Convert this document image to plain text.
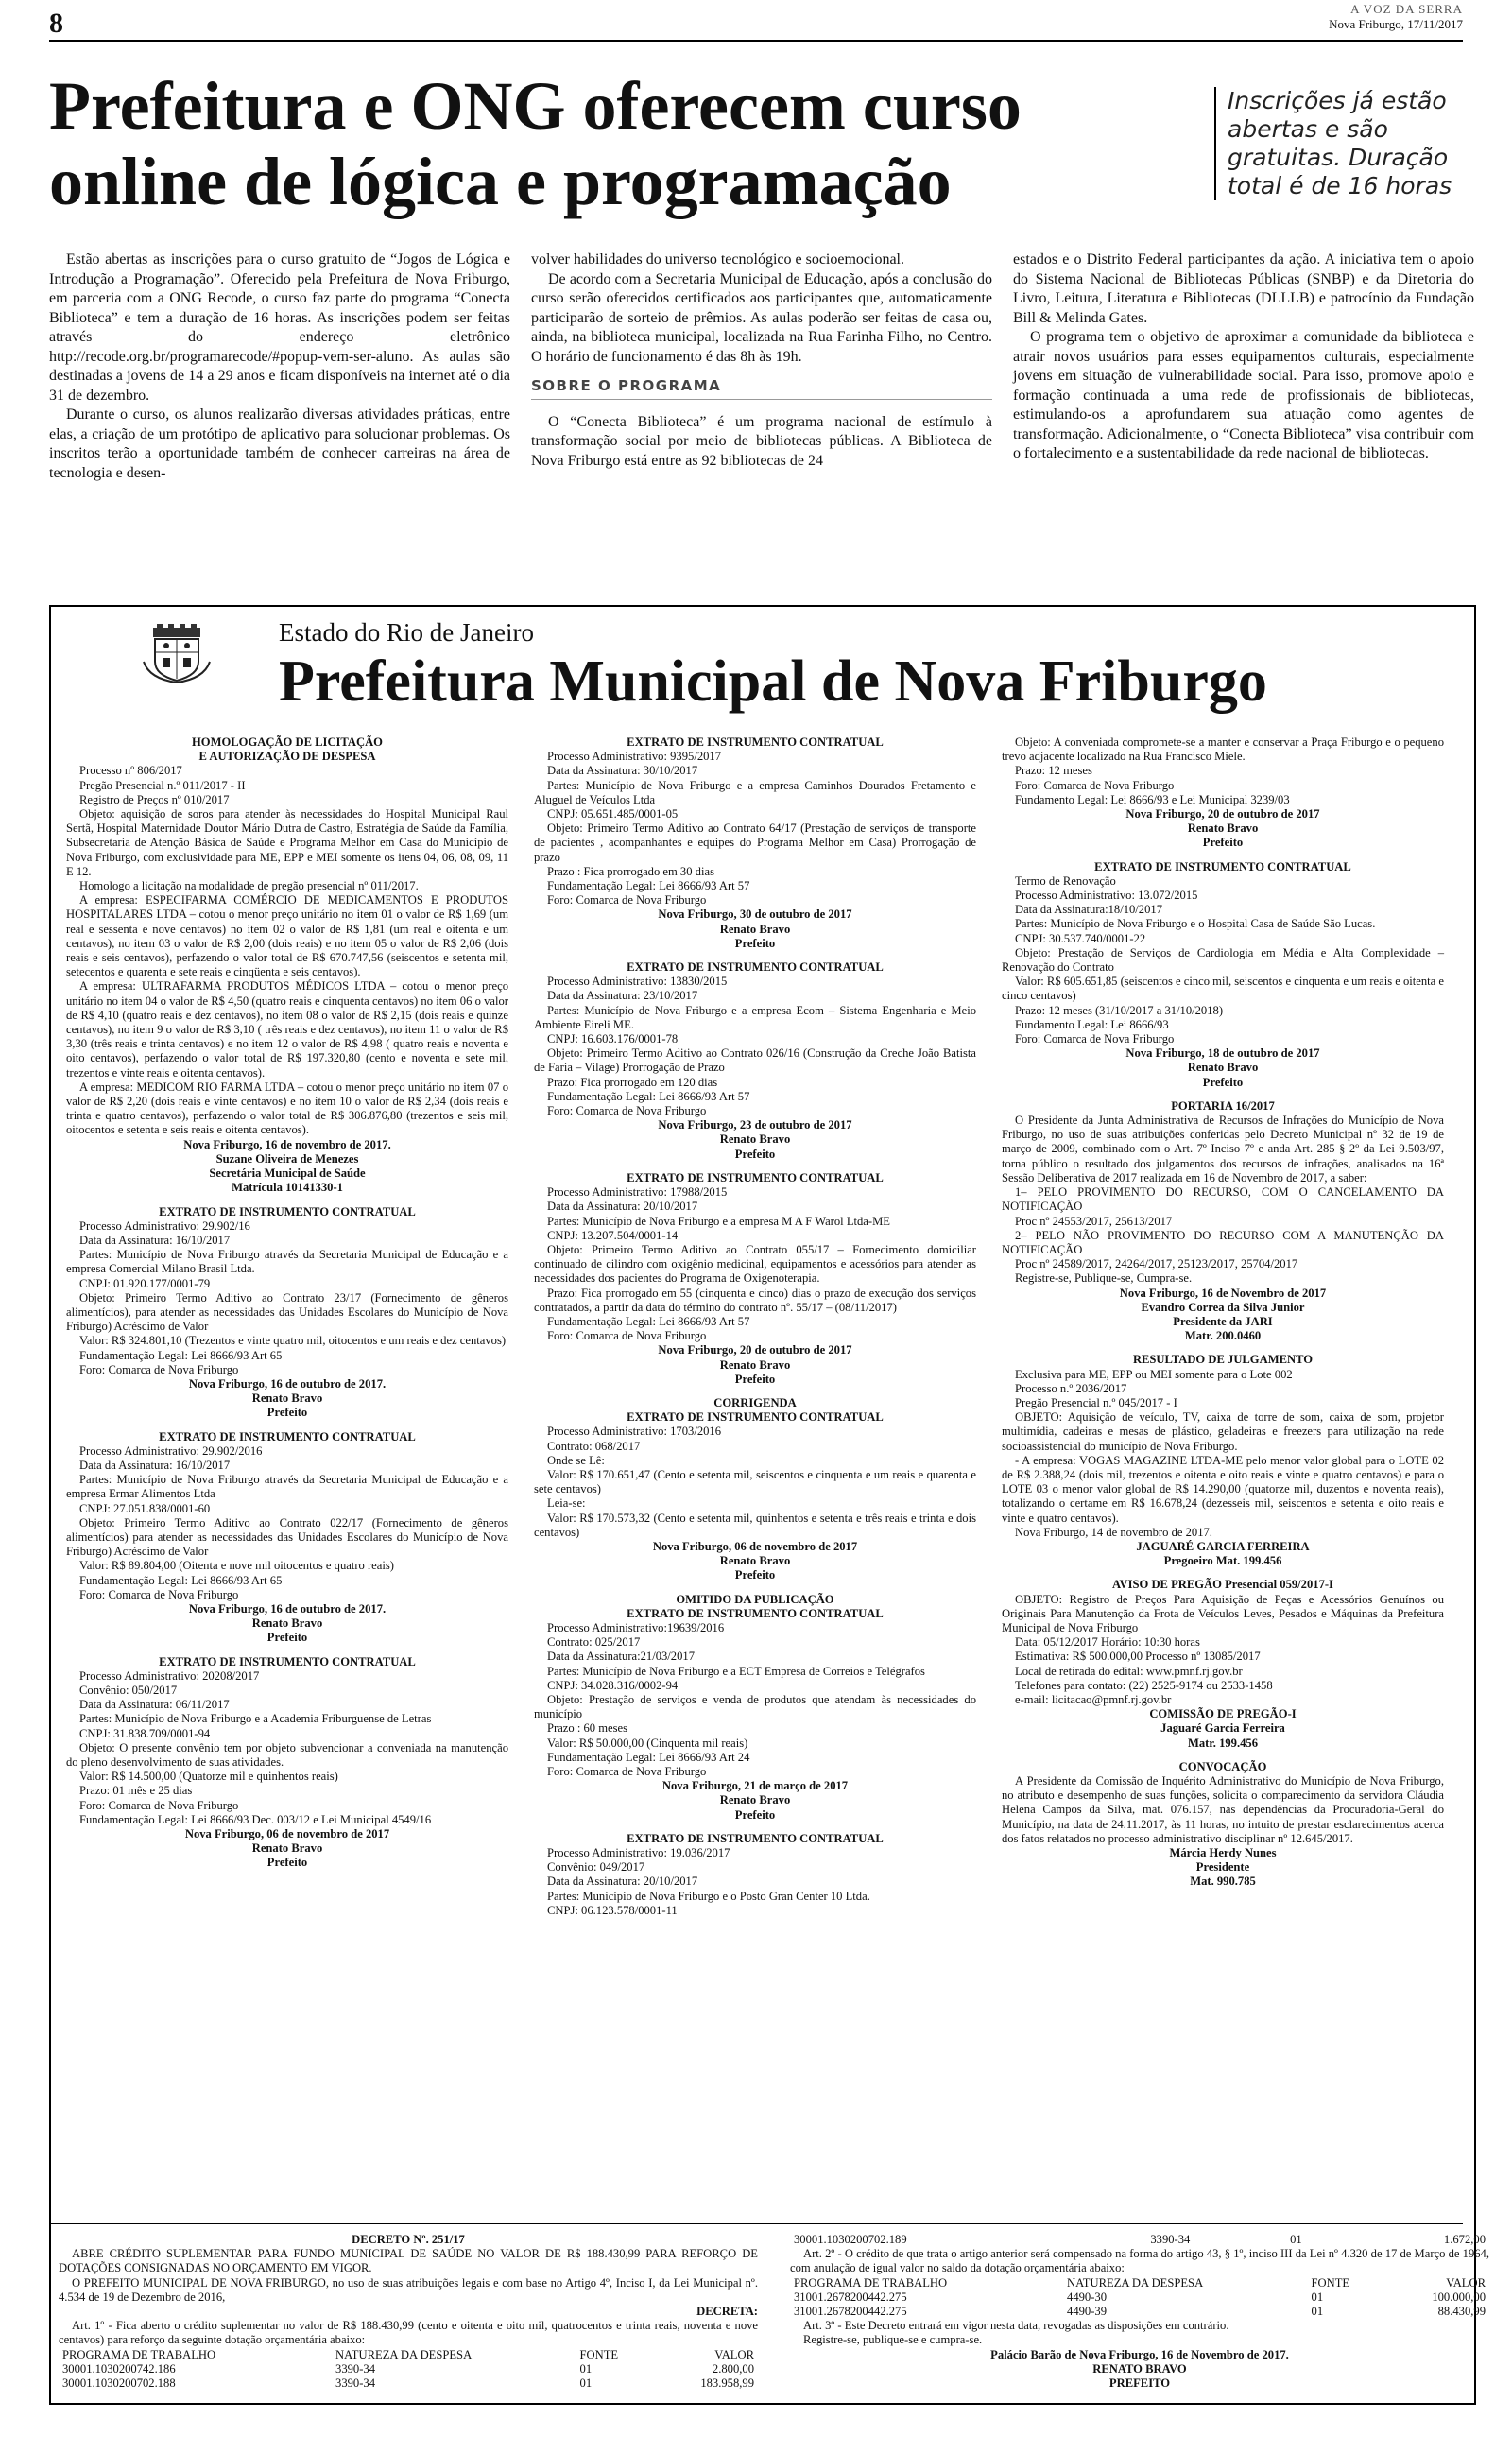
8	A VOZ DA SERRA
Nova Friburgo, 17/11/2017
Prefeitura e ONG oferecem curso
online de lógica e programação
Inscrições já estão abertas e são gratuitas. Duração total é de 16 horas

Estão abertas as inscrições para o curso gratuito de “Jogos de Lógica e Introdução a Programação”. Oferecido pela Prefeitura de Nova Friburgo, em parceria com a ONG Recode, o curso faz parte do programa “Conecta Biblioteca” e tem a duração de 16 horas. As inscrições podem ser feitas através do endereço eletrônico http://recode.org.br/programarecode/#popup-vem-ser-aluno. As aulas são destinadas a jovens de 14 a 29 anos e ficam disponíveis na internet até o dia 31 de dezembro.

Durante o curso, os alunos realizarão diversas atividades práticas, entre elas, a criação de um protótipo de aplicativo para solucionar problemas. Os inscritos terão a oportunidade também de conhecer carreiras na área de tecnologia e desen-

volver habilidades do universo tecnológico e socioemocional.

De acordo com a Secretaria Municipal de Educação, após a conclusão do curso serão oferecidos certificados aos participantes que, automaticamente participarão de sorteio de prêmios. As aulas poderão ser feitas de casa ou, ainda, na biblioteca municipal, localizada na Rua Farinha Filho, no Centro. O horário de funcionamento é das 8h às 19h.

SOBRE O PROGRAMA

O “Conecta Biblioteca” é um programa nacional de estímulo à transformação social por meio de bibliotecas públicas. A Biblioteca de Nova Friburgo está entre as 92 bibliotecas de 24

estados e o Distrito Federal participantes da ação. A iniciativa tem o apoio do Sistema Nacional de Bibliotecas Públicas (SNBP) e da Diretoria do Livro, Leitura, Literatura e Bibliotecas (DLLLB) e patrocínio da Fundação Bill & Melinda Gates.

O programa tem o objetivo de aproximar a comunidade da biblioteca e atrair novos usuários para esses equipamentos culturais, especialmente jovens em situação de vulnerabilidade social. Para isso, promove apoio e formação continuada a uma rede de profissionais de bibliotecas, estimulando-os a aprofundarem sua atuação como agentes de transformação. Adicionalmente, o “Conecta Biblioteca” visa contribuir com o fortalecimento e a sustentabilidade da rede nacional de bibliotecas.

Estado do Rio de Janeiro
Prefeitura Municipal de Nova Friburgo

HOMOLOGAÇÃO DE LICITAÇÃO

E AUTORIZAÇÃO DE DESPESA

Processo nº 806/2017

Pregão Presencial n.º 011/2017 - II

Registro de Preços nº 010/2017

Objeto: aquisição de soros para atender às necessidades do Hospital Municipal Raul Sertã, Hospital Maternidade Doutor Mário Dutra de Castro, Estratégia de Saúde da Família, Subsecretaria de Atenção Básica de Saúde e Programa Melhor em Casa do Município de Nova Friburgo, com exclusividade para ME, EPP e MEI somente os itens 04, 06, 08, 09, 11 E 12.

Homologo a licitação na modalidade de pregão presencial nº 011/2017.

A empresa: ESPECIFARMA COMÉRCIO DE MEDICAMENTOS E PRODUTOS HOSPITALARES LTDA – cotou o menor preço unitário no item 01 o valor de R$ 1,69 (um real e sessenta e nove centavos) no item 02 o valor de R$ 1,81 (um real e oitenta e um centavos), no item 03 o valor de R$ 2,00 (dois reais) e no item 05 o valor de R$ 2,06 (dois reais e seis centavos), perfazendo o valor total de R$ 670.747,56 (seiscentos e setenta mil, setecentos e quarenta e sete reais e cinqüenta e seis centavos).

A empresa: ULTRAFARMA PRODUTOS MÉDICOS LTDA – cotou o menor preço unitário no item 04 o valor de R$ 4,50 (quatro reais e cinquenta centavos) no item 06 o valor de R$ 4,10 (quatro reais e dez centavos), no item 08 o valor de R$ 2,15 (dois reais e quinze centavos), no item 9 o valor de R$ 3,10 ( três reais e dez centavos), no item 11 o valor de R$ 3,30 (três reais e trinta centavos) e no item 12 o valor de R$ 4,98 ( quatro reais e noventa e oito centavos), perfazendo o valor total de R$ 197.320,80 (cento e noventa e sete mil, trezentos e vinte reais e oitenta centavos).

A empresa: MEDICOM RIO FARMA LTDA – cotou o menor preço unitário no item 07 o valor de R$ 2,20 (dois reais e vinte centavos) e no item 10 o valor de R$ 2,34 (dois reais e trinta e quatro centavos), perfazendo o valor total de R$ 306.876,80 (trezentos e seis mil, oitocentos e setenta e seis reais e oitenta centavos).

Nova Friburgo, 16 de novembro de 2017.

Suzane Oliveira de Menezes

Secretária Municipal de Saúde

Matrícula 10141330-1

EXTRATO DE INSTRUMENTO CONTRATUAL

Processo Administrativo: 29.902/16

Data da Assinatura: 16/10/2017

Partes: Município de Nova Friburgo através da Secretaria Municipal de Educação e a empresa Comercial Milano Brasil Ltda.

CNPJ: 01.920.177/0001-79

Objeto: Primeiro Termo Aditivo ao Contrato 23/17 (Fornecimento de gêneros alimentícios), para atender as necessidades das Unidades Escolares do Município de Nova Friburgo) Acréscimo de Valor

Valor: R$ 324.801,10 (Trezentos e vinte quatro mil, oitocentos e um reais e dez centavos)

Fundamentação Legal: Lei 8666/93 Art 65

Foro: Comarca de Nova Friburgo

Nova Friburgo, 16 de outubro de 2017.

Renato Bravo

Prefeito

EXTRATO DE INSTRUMENTO CONTRATUAL

Processo Administrativo: 29.902/2016

Data da Assinatura: 16/10/2017

Partes: Município de Nova Friburgo através da Secretaria Municipal de Educação e a empresa Ermar Alimentos Ltda

CNPJ: 27.051.838/0001-60

Objeto: Primeiro Termo Aditivo ao Contrato 022/17 (Fornecimento de gêneros alimentícios) para atender as necessidades das Unidades Escolares do Município de Nova Friburgo) Acréscimo de Valor

Valor: R$ 89.804,00 (Oitenta e nove mil oitocentos e quatro reais)

Fundamentação Legal: Lei 8666/93 Art 65

Foro: Comarca de Nova Friburgo

Nova Friburgo, 16 de outubro de 2017.

Renato Bravo

Prefeito

EXTRATO DE INSTRUMENTO CONTRATUAL

Processo Administrativo: 20208/2017

Convênio: 050/2017

Data da Assinatura: 06/11/2017

Partes: Município de Nova Friburgo e a Academia Friburguense de Letras

CNPJ: 31.838.709/0001-94

Objeto: O presente convênio tem por objeto subvencionar a conveniada na manutenção do pleno desenvolvimento de suas atividades.

Valor: R$ 14.500,00 (Quatorze mil e quinhentos reais)

Prazo: 01 mês e 25 dias

Foro: Comarca de Nova Friburgo

Fundamentação Legal: Lei 8666/93 Dec. 003/12 e Lei Municipal 4549/16

Nova Friburgo, 06 de novembro de 2017

Renato Bravo

Prefeito

EXTRATO DE INSTRUMENTO CONTRATUAL

Processo Administrativo: 9395/2017

Data da Assinatura: 30/10/2017

Partes: Município de Nova Friburgo e a empresa Caminhos Dourados Fretamento e Aluguel de Veículos Ltda

CNPJ: 05.651.485/0001-05

Objeto: Primeiro Termo Aditivo ao Contrato 64/17 (Prestação de serviços de transporte de pacientes , acompanhantes e equipes do Programa Melhor em Casa) Prorrogação de prazo

Prazo : Fica prorrogado em 30 dias

Fundamentação Legal: Lei 8666/93 Art 57

Foro: Comarca de Nova Friburgo

Nova Friburgo, 30 de outubro de 2017

Renato Bravo

Prefeito

EXTRATO DE INSTRUMENTO CONTRATUAL

Processo Administrativo: 13830/2015

Data da Assinatura: 23/10/2017

Partes: Município de Nova Friburgo e a empresa Ecom – Sistema Engenharia e Meio Ambiente Eireli ME.

CNPJ: 16.603.176/0001-78

Objeto: Primeiro Termo Aditivo ao Contrato 026/16 (Construção da Creche João Batista de Faria – Vilage) Prorrogação de Prazo

Prazo: Fica prorrogado em 120 dias

Fundamentação Legal: Lei 8666/93 Art 57

Foro: Comarca de Nova Friburgo

Nova Friburgo, 23 de outubro de 2017

Renato Bravo

Prefeito

EXTRATO DE INSTRUMENTO CONTRATUAL

Processo Administrativo: 17988/2015

Data da Assinatura: 20/10/2017

Partes: Município de Nova Friburgo e a empresa M A F Warol Ltda-ME

CNPJ: 13.207.504/0001-14

Objeto: Primeiro Termo Aditivo ao Contrato 055/17 – Fornecimento domiciliar continuado de cilindro com oxigênio medicinal, equipamentos e acessórios para atender as necessidades dos pacientes do Programa de Oxigenoterapia.

Prazo: Fica prorrogado em 55 (cinquenta e cinco) dias o prazo de execução dos serviços contratados, a partir da data do término do contrato nº. 55/17 – (08/11/2017)

Fundamentação Legal: Lei 8666/93 Art 57

Foro: Comarca de Nova Friburgo

Nova Friburgo, 20 de outubro de 2017

Renato Bravo

Prefeito

CORRIGENDA

EXTRATO DE INSTRUMENTO CONTRATUAL

Processo Administrativo: 1703/2016

Contrato: 068/2017

Onde se Lê:

Valor: R$ 170.651,47 (Cento e setenta mil, seiscentos e cinquenta e um reais e quarenta e sete centavos)

Leia-se:

Valor: R$ 170.573,32 (Cento e setenta mil, quinhentos e setenta e três reais e trinta e dois centavos)

Nova Friburgo, 06 de novembro de 2017

Renato Bravo

Prefeito

OMITIDO DA PUBLICAÇÃO

EXTRATO DE INSTRUMENTO CONTRATUAL

Processo Administrativo:19639/2016

Contrato: 025/2017

Data da Assinatura:21/03/2017

Partes: Município de Nova Friburgo e a ECT Empresa de Correios e Telégrafos

CNPJ: 34.028.316/0002-94

Objeto: Prestação de serviços e venda de produtos que atendam às necessidades do município

Prazo : 60 meses

Valor: R$ 50.000,00 (Cinquenta mil reais)

Fundamentação Legal: Lei 8666/93 Art 24

Foro: Comarca de Nova Friburgo

Nova Friburgo, 21 de março de 2017

Renato Bravo

Prefeito

EXTRATO DE INSTRUMENTO CONTRATUAL

Processo Administrativo: 19.036/2017

Convênio: 049/2017

Data da Assinatura: 20/10/2017

Partes: Município de Nova Friburgo e o Posto Gran Center 10 Ltda.

CNPJ: 06.123.578/0001-11

Objeto: A conveniada compromete-se a manter e conservar a Praça Friburgo e o pequeno trevo adjacente localizado na Rua Francisco Miele.

Prazo: 12 meses

Foro: Comarca de Nova Friburgo

Fundamento Legal: Lei 8666/93 e Lei Municipal 3239/03

Nova Friburgo, 20 de outubro de 2017

Renato Bravo

Prefeito

EXTRATO DE INSTRUMENTO CONTRATUAL

Termo de Renovação

Processo Administrativo: 13.072/2015

Data da Assinatura:18/10/2017

Partes: Município de Nova Friburgo e o Hospital Casa de Saúde São Lucas.

CNPJ: 30.537.740/0001-22

Objeto: Prestação de Serviços de Cardiologia em Média e Alta Complexidade – Renovação do Contrato

Valor: R$ 605.651,85 (seiscentos e cinco mil, seiscentos e cinquenta e um reais e oitenta e cinco centavos)

Prazo: 12 meses (31/10/2017 a 31/10/2018)

Fundamento Legal: Lei 8666/93

Foro: Comarca de Nova Friburgo

Nova Friburgo, 18 de outubro de 2017

Renato Bravo

Prefeito

PORTARIA 16/2017

O Presidente da Junta Administrativa de Recursos de Infrações do Município de Nova Friburgo, no uso de suas atribuições conferidas pelo Decreto Municipal nº 32 de 19 de março de 2009, combinado com o Art. 7º Inciso 7º e anda Art. 285 § 2º da Lei 9.503/97, torna público o resultado dos julgamentos dos recursos de infrações, analisados na 16ª Sessão Deliberativa de 2017 realizada em 16 de Novembro de 2017, a saber:

1– PELO PROVIMENTO DO RECURSO, COM O CANCELAMENTO DA NOTIFICAÇÃO

Proc nº 24553/2017, 25613/2017

2– PELO NÃO PROVIMENTO DO RECURSO COM A MANUTENÇÃO DA NOTIFICAÇÃO

Proc nº 24589/2017, 24264/2017, 25123/2017, 25704/2017

Registre-se, Publique-se, Cumpra-se.

Nova Friburgo, 16 de Novembro de 2017

Evandro Correa da Silva Junior

Presidente da JARI

Matr. 200.0460

RESULTADO DE JULGAMENTO

Exclusiva para ME, EPP ou MEI somente para o Lote 002

Processo n.º 2036/2017

Pregão Presencial n.º 045/2017 - I

OBJETO: Aquisição de veículo, TV, caixa de torre de som, caixa de som, projetor multimídia, cadeiras e mesas de plástico, geladeiras e freezers para utilização na rede socioassistencial do município de Nova Friburgo.

- A empresa: VOGAS MAGAZINE LTDA-ME pelo menor valor global para o LOTE 02 de R$ 2.388,24 (dois mil, trezentos e oitenta e oito reais e vinte e quatro centavos) e para o LOTE 03 o menor valor global de R$ 14.290,00 (quatorze mil, duzentos e noventa reais), totalizando o certame em R$ 16.678,24 (dezesseis mil, seiscentos e setenta e oito reais e vinte e quatro centavos).

Nova Friburgo, 14 de novembro de 2017.

JAGUARÉ GARCIA FERREIRA

Pregoeiro Mat. 199.456

AVISO DE PREGÃO Presencial 059/2017-I

OBJETO: Registro de Preços Para Aquisição de Peças e Acessórios Genuínos ou Originais Para Manutenção da Frota de Veículos Leves, Pesados e Máquinas da Prefeitura Municipal de Nova Friburgo

Data: 05/12/2017 Horário: 10:30 horas

Estimativa: R$ 500.000,00 Processo nº 13085/2017

Local de retirada do edital: www.pmnf.rj.gov.br

Telefones para contato: (22) 2525-9174 ou 2533-1458

e-mail: licitacao@pmnf.rj.gov.br

COMISSÃO DE PREGÃO-I

Jaguaré Garcia Ferreira

Matr. 199.456

CONVOCAÇÃO

A Presidente da Comissão de Inquérito Administrativo do Município de Nova Friburgo, no atributo e desempenho de suas funções, solicita o comparecimento da servidora Cláudia Helena Campos da Silva, mat. 076.157, nas dependências da Procuradoria-Geral do Município, na data de 24.11.2017, às 11 horas, no intuito de prestar esclarecimentos acerca dos fatos relatados no processo administrativo disciplinar nº 12.645/2017.

Márcia Herdy Nunes

Presidente

Mat. 990.785

DECRETO Nº. 251/17

ABRE CRÉDITO SUPLEMENTAR PARA FUNDO MUNICIPAL DE SAÚDE NO VALOR DE R$ 188.430,99 PARA REFORÇO DE DOTAÇÕES CONSIGNADAS NO ORÇAMENTO EM VIGOR.

O PREFEITO MUNICIPAL DE NOVA FRIBURGO, no uso de suas atribuições legais e com base no Artigo 4º, Inciso I, da Lei Municipal nº. 4.534 de 19 de Dezembro de 2016,

DECRETA:

Art. 1º - Fica aberto o crédito suplementar no valor de R$ 188.430,99 (cento e oitenta e oito mil, quatrocentos e trinta reais, noventa e nove centavos) para reforço da seguinte dotação orçamentária abaixo:

PROGRAMA DE TRABALHO	NATUREZA DA DESPESA	FONTE	VALOR
30001.1030200742.186	3390-34	01	2.800,00
30001.1030200702.188	3390-34	01	183.958,99
30001.1030200702.189	3390-34	01	1.672,00

Art. 2º - O crédito de que trata o artigo anterior será compensado na forma do artigo 43, § 1º, inciso III da Lei nº 4.320 de 17 de Março de 1964, com anulação de igual valor no saldo da dotação orçamentária abaixo:

PROGRAMA DE TRABALHO	NATUREZA DA DESPESA	FONTE	VALOR
31001.2678200442.275	4490-30	01	100.000,00
31001.2678200442.275	4490-39	01	88.430,99

Art. 3º - Este Decreto entrará em vigor nesta data, revogadas as disposições em contrário.

Registre-se, publique-se e cumpra-se.

Palácio Barão de Nova Friburgo, 16 de Novembro de 2017.

RENATO BRAVO

PREFEITO
